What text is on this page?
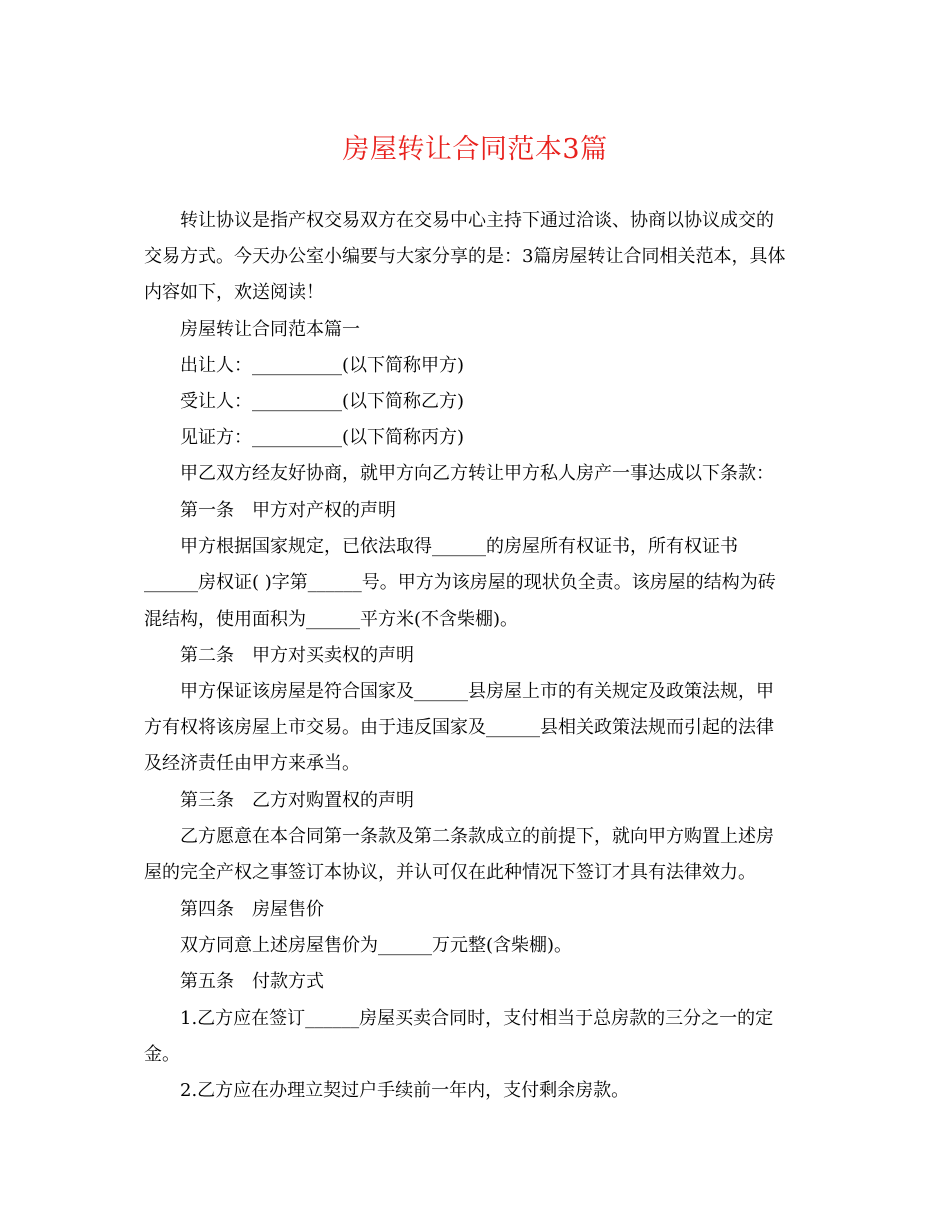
房屋转让合同范本3篇
转让协议是指产权交易双方在交易中心主持下通过洽谈、协商以协议成交的
交易方式。今天办公室小编要与大家分享的是：3篇房屋转让合同相关范本，具体
内容如下，欢送阅读！
房屋转让合同范本篇一
出让人：__________(以下简称甲方)
受让人：__________(以下简称乙方)
见证方：__________(以下简称丙方)
甲乙双方经友好协商，就甲方向乙方转让甲方私人房产一事达成以下条款：
第一条　甲方对产权的声明
甲方根据国家规定，已依法取得______的房屋所有权证书，所有权证书
______房权证( )字第______号。甲方为该房屋的现状负全责。该房屋的结构为砖
混结构，使用面积为______平方米(不含柴棚)。
第二条　甲方对买卖权的声明
甲方保证该房屋是符合国家及______县房屋上市的有关规定及政策法规，甲
方有权将该房屋上市交易。由于违反国家及______县相关政策法规而引起的法律
及经济责任由甲方来承当。
第三条　乙方对购置权的声明
乙方愿意在本合同第一条款及第二条款成立的前提下，就向甲方购置上述房
屋的完全产权之事签订本协议，并认可仅在此种情况下签订才具有法律效力。
第四条　房屋售价
双方同意上述房屋售价为______万元整(含柴棚)。
第五条　付款方式
1.乙方应在签订______房屋买卖合同时，支付相当于总房款的三分之一的定
金。
2.乙方应在办理立契过户手续前一年内，支付剩余房款。
